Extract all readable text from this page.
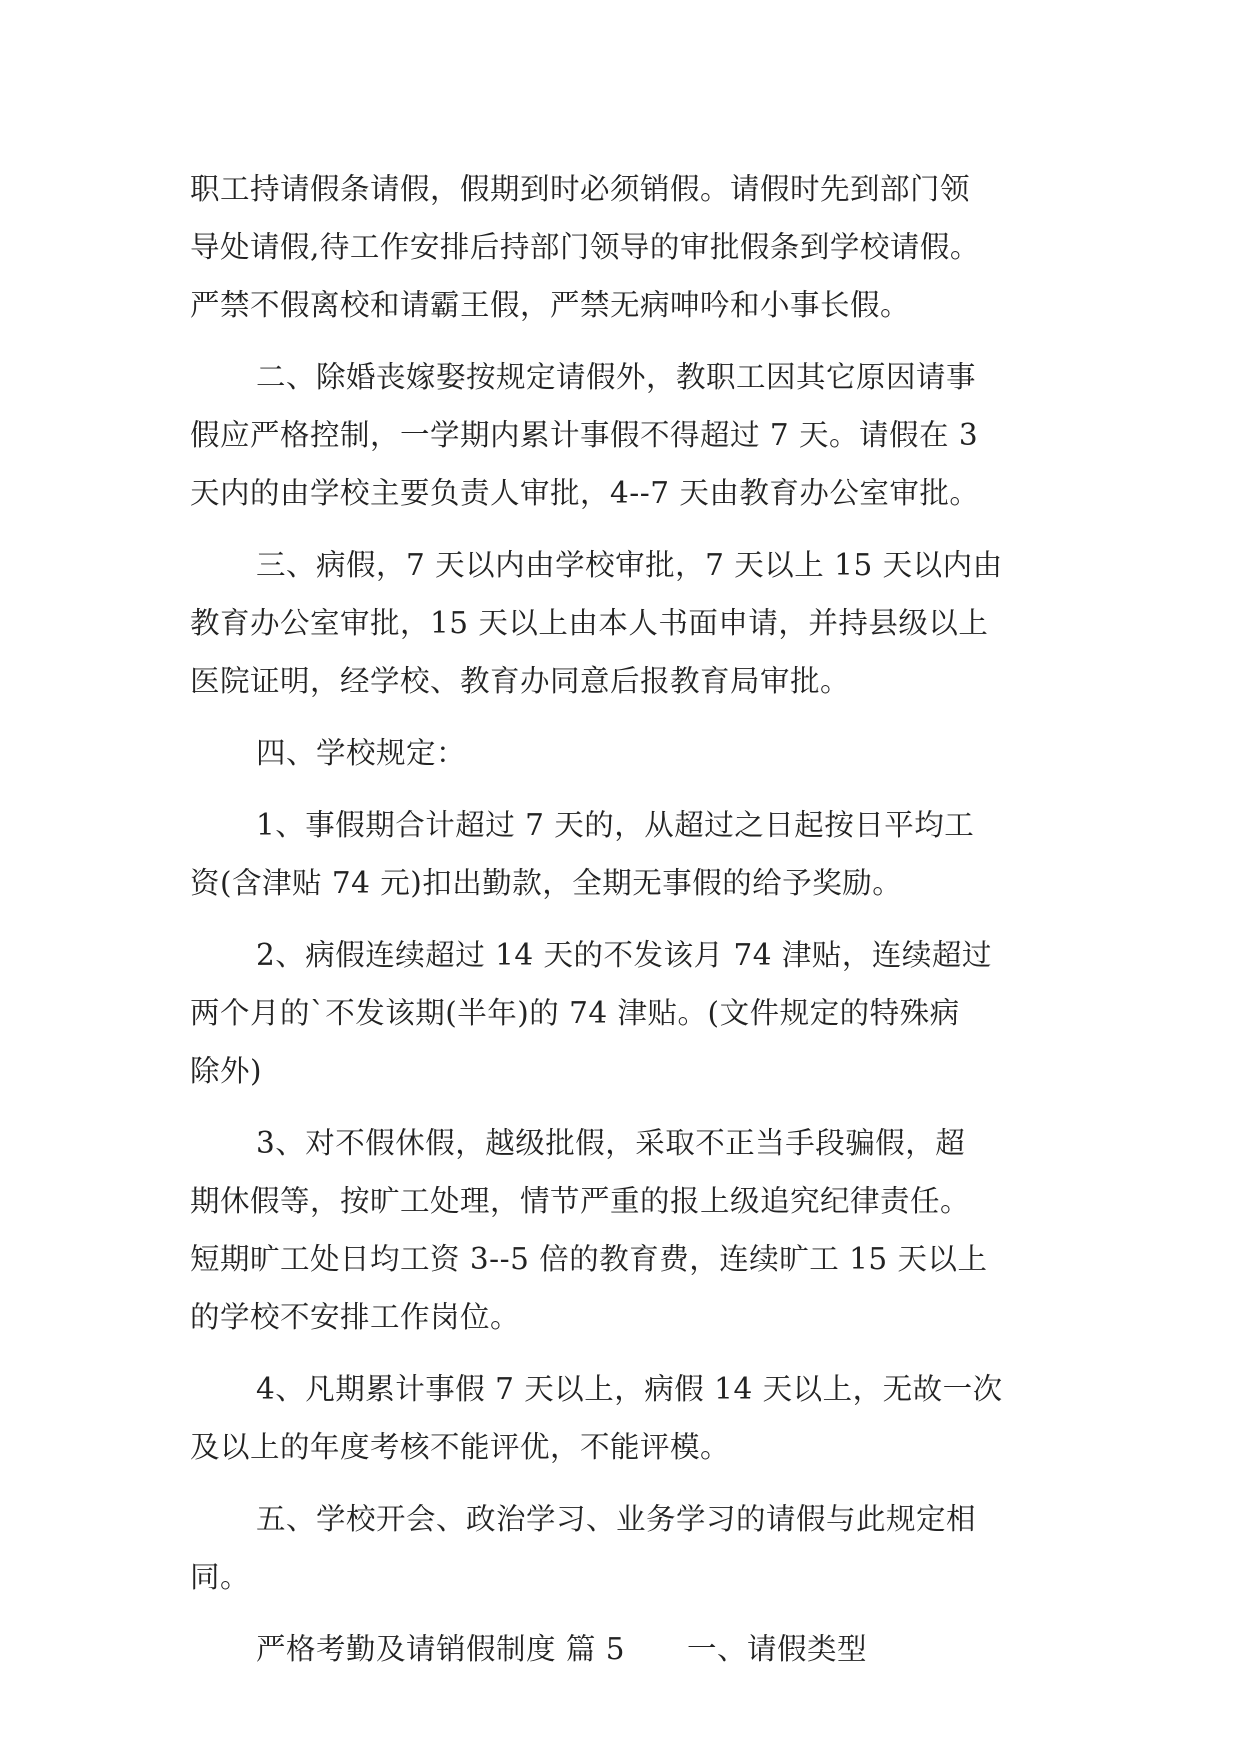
职工持请假条请假，假期到时必须销假。请假时先到部门领
导处请假,待工作安排后持部门领导的审批假条到学校请假。
严禁不假离校和请霸王假，严禁无病呻吟和小事长假。
二、除婚丧嫁娶按规定请假外，教职工因其它原因请事
假应严格控制，一学期内累计事假不得超过 7 天。请假在 3
天内的由学校主要负责人审批，4--7 天由教育办公室审批。
三、病假，7 天以内由学校审批，7 天以上 15 天以内由
教育办公室审批，15 天以上由本人书面申请，并持县级以上
医院证明，经学校、教育办同意后报教育局审批。
四、学校规定：
1、事假期合计超过 7 天的，从超过之日起按日平均工
资(含津贴 74 元)扣出勤款，全期无事假的给予奖励。
2、病假连续超过 14 天的不发该月 74 津贴，连续超过
两个月的`不发该期(半年)的 74 津贴。(文件规定的特殊病
除外)
3、对不假休假，越级批假，采取不正当手段骗假，超
期休假等，按旷工处理，情节严重的报上级追究纪律责任。
短期旷工处日均工资 3--5 倍的教育费，连续旷工 15 天以上
的学校不安排工作岗位。
4、凡期累计事假 7 天以上，病假 14 天以上，无故一次
及以上的年度考核不能评优，不能评模。
五、学校开会、政治学习、业务学习的请假与此规定相
同。
严格考勤及请销假制度 篇 5 一、请假类型
